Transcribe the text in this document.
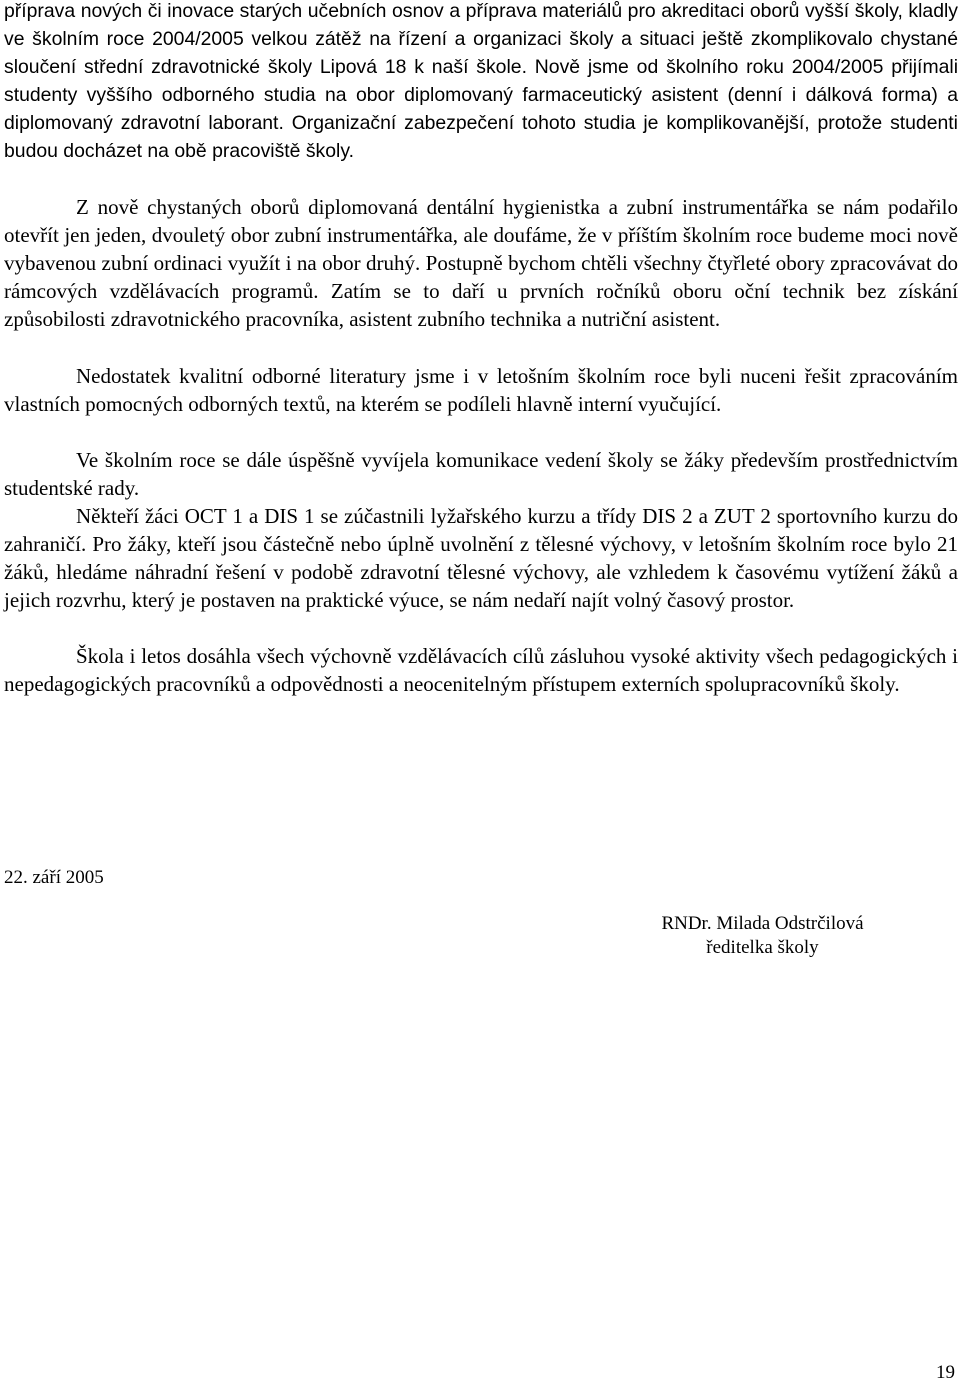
příprava nových či inovace starých učebních osnov a příprava materiálů pro akreditaci oborů vyšší školy, kladly ve školním roce 2004/2005 velkou zátěž na řízení a organizaci školy a situaci ještě zkomplikovalo chystané sloučení střední zdravotnické školy Lipová 18 k naší škole. Nově jsme od školního roku 2004/2005 přijímali studenty vyššího odborného studia na obor diplomovaný farmaceutický asistent (denní i dálková forma) a diplomovaný zdravotní laborant. Organizační zabezpečení tohoto studia je komplikovanější, protože studenti budou docházet na obě pracoviště školy.

Z nově chystaných oborů diplomovaná dentální hygienistka a zubní instrumentářka se nám podařilo otevřít jen jeden, dvouletý obor zubní instrumentářka, ale doufáme, že v příštím školním roce budeme moci nově vybavenou zubní ordinaci využít i na obor druhý. Postupně bychom chtěli všechny čtyřleté obory zpracovávat do rámcových vzdělávacích programů. Zatím se to daří u prvních ročníků oboru oční technik bez získání způsobilosti zdravotnického pracovníka, asistent zubního technika a nutriční asistent.

Nedostatek kvalitní odborné literatury jsme i v letošním školním roce byli nuceni řešit zpracováním vlastních pomocných odborných textů, na kterém se podíleli hlavně interní vyučující.

Ve školním roce se dále úspěšně vyvíjela komunikace vedení školy se žáky především prostřednictvím studentské rady.

Někteří žáci OCT 1 a DIS 1 se zúčastnili lyžařského kurzu a třídy DIS 2 a ZUT 2 sportovního kurzu do zahraničí. Pro žáky, kteří jsou částečně nebo úplně uvolnění z tělesné výchovy, v letošním školním roce bylo 21 žáků, hledáme náhradní řešení v podobě zdravotní tělesné výchovy, ale vzhledem k časovému vytížení žáků a jejich rozvrhu, který je postaven na praktické výuce, se nám nedaří najít volný časový prostor.

Škola i letos dosáhla všech výchovně vzdělávacích cílů zásluhou vysoké aktivity všech pedagogických i nepedagogických pracovníků a odpovědnosti a neocenitelným přístupem externích spolupracovníků školy.

22. září 2005

RNDr. Milada Odstrčilová
ředitelka školy
19
